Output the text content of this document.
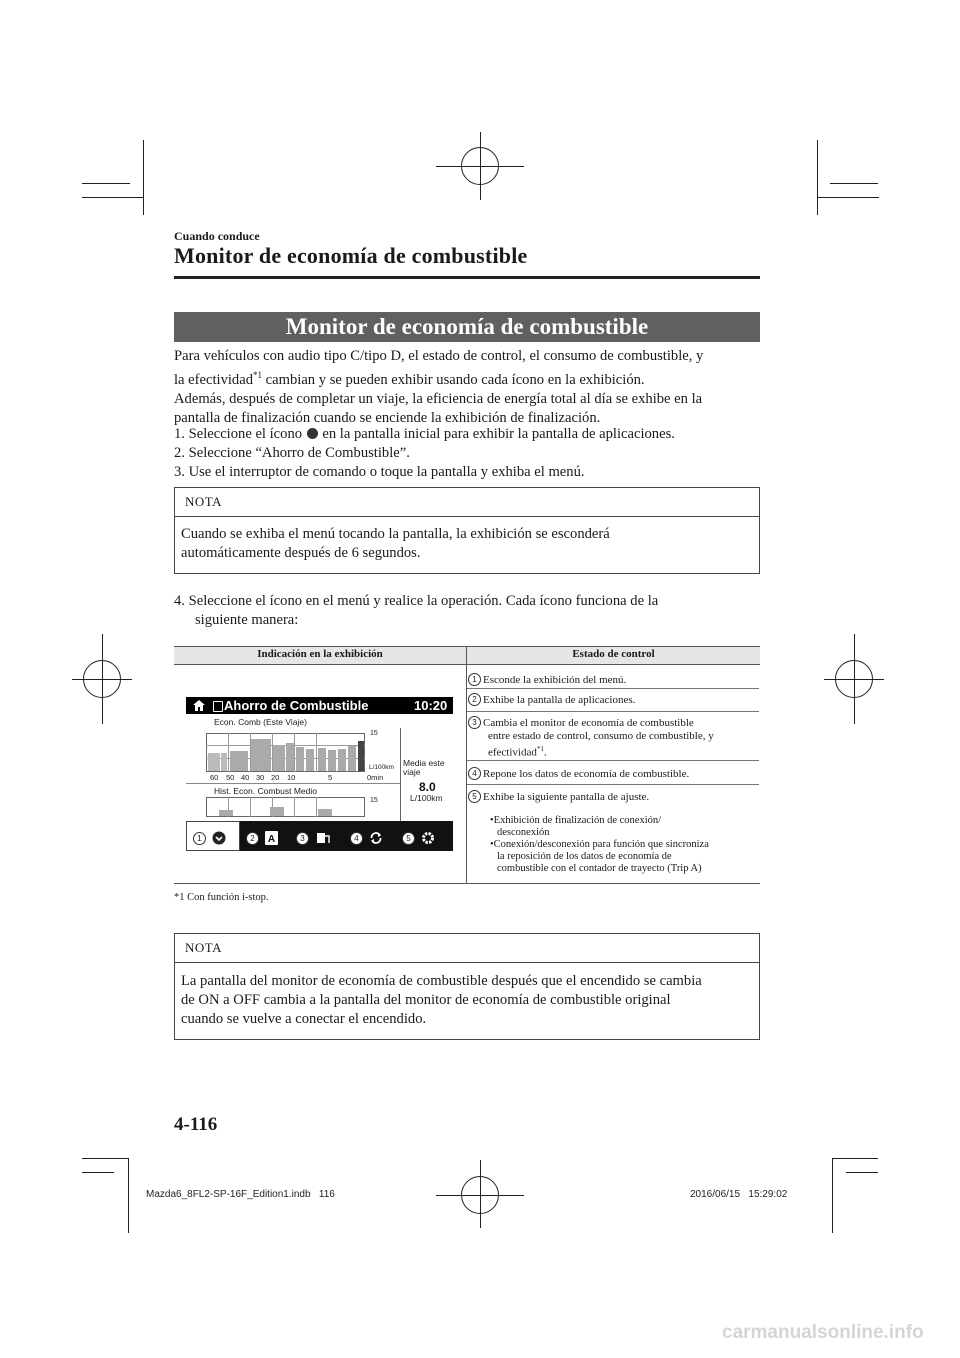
Cuando conduce
Monitor de economía de combustible
Monitor de economía de combustible
Para vehículos con audio tipo C/tipo D, el estado de control, el consumo de combustible, y
la efectividad$^{*1}$ cambian y se pueden exhibir usando cada ícono en la exhibición.
Además, después de completar un viaje, la eficiencia de energía total al día se exhibe en la
pantalla de finalización cuando se enciende la exhibición de finalización.
1. Seleccione el ícono en la pantalla inicial para exhibir la pantalla de aplicaciones.
2. Seleccione “Ahorro de Combustible”.
3. Use el interruptor de comando o toque la pantalla y exhiba el menú.
NOTA
Cuando se exhiba el menú tocando la pantalla, la exhibición se esconderá
automáticamente después de 6 segundos.
4. Seleccione el ícono en el menú y realice la operación. Cada ícono funciona de la
siguiente manera:
Indicación en la exhibición	Estado de control
1 Esconde la exhibición del menú.
2 Exhibe la pantalla de aplicaciones.
3 Cambia el monitor de economía de combustible
entre estado de control, consumo de combustible, y
efectividad$^{*1}$.
4 Repone los datos de economía de combustible.
5 Exhibe la siguiente pantalla de ajuste.
•Exhibición de finalización de conexión/
desconexión
•Conexión/desconexión para función que sincroniza
la reposición de los datos de economía de
combustible con el contador de trayecto (Trip A)
Ahorro de Combustible	10:20
Econ. Comb (Este Viaje)
15
L/100km
60 50 40 30 20 10	5	0min
Media este
viaje
8.0
L/100km
Hist. Econ. Combust Medio
15
1	2 A	3	4	5
*1 Con función i-stop.
NOTA
La pantalla del monitor de economía de combustible después que el encendido se cambia
de ON a OFF cambia a la pantalla del monitor de economía de combustible original
cuando se vuelve a conectar el encendido.
4-116
Mazda6_8FL2-SP-16F_Edition1.indb 116	2016/06/15 15:29:02
carmanualsonline.info
